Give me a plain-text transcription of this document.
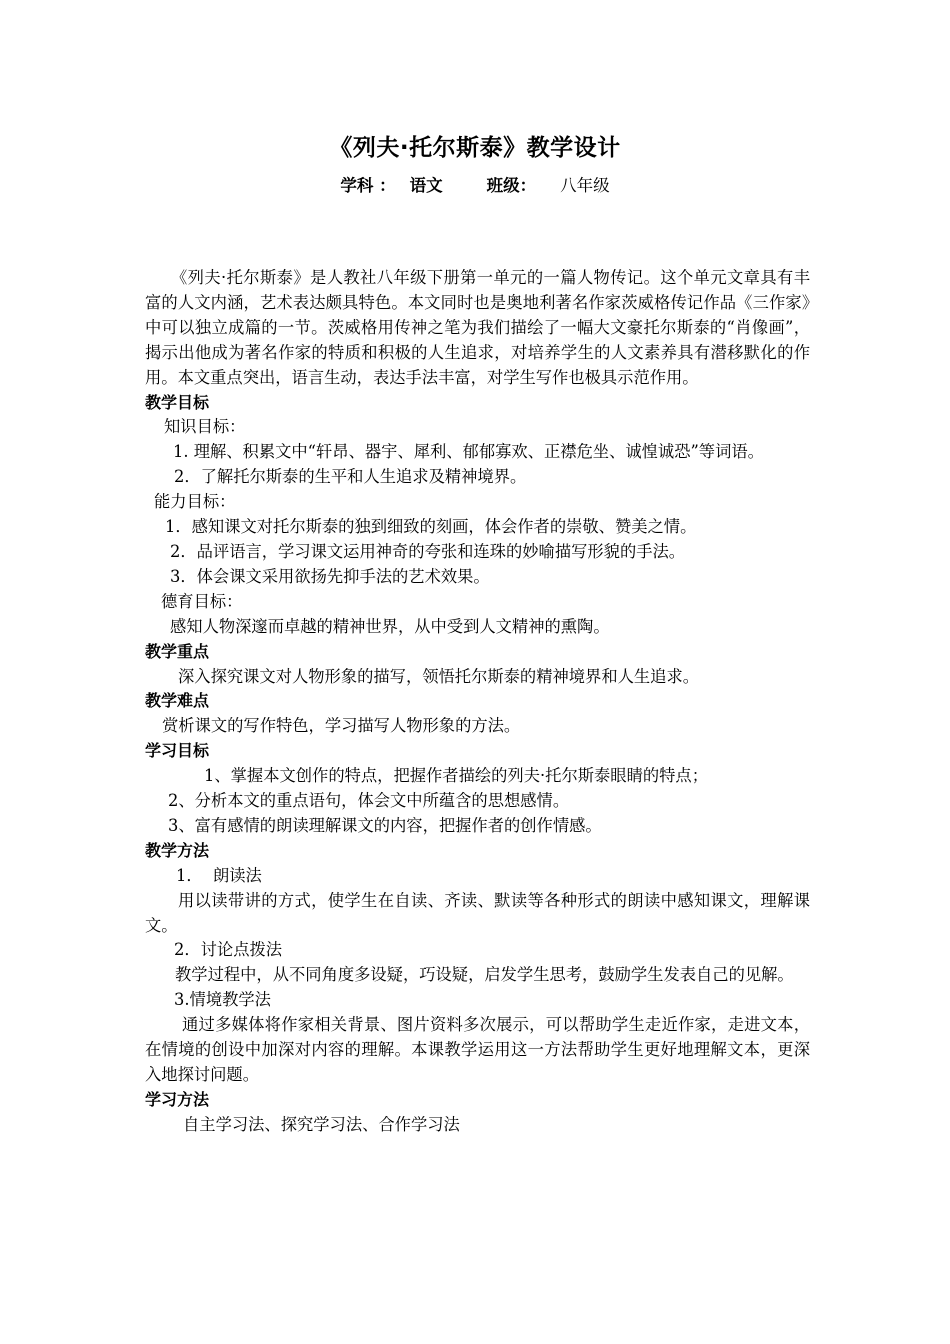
《列夫·托尔斯泰》教学设计
学科 ： 语文	班级： 八年级

《列夫·托尔斯泰》是人教社八年级下册第一单元的一篇人物传记。这个单元文章具有丰富的人文内涵，艺术表达颇具特色。本文同时也是奥地利著名作家茨威格传记作品《三作家》中可以独立成篇的一节。茨威格用传神之笔为我们描绘了一幅大文豪托尔斯泰的“肖像画”，揭示出他成为著名作家的特质和积极的人生追求，对培养学生的人文素养具有潜移默化的作用。本文重点突出，语言生动，表达手法丰富，对学生写作也极具示范作用。

教学目标

知识目标：

1. 理解、积累文中“轩昂、器宇、犀利、郁郁寡欢、正襟危坐、诚惶诚恐”等词语。

2．了解托尔斯泰的生平和人生追求及精神境界。

能力目标：

1．感知课文对托尔斯泰的独到细致的刻画，体会作者的崇敬、赞美之情。

2．品评语言，学习课文运用神奇的夸张和连珠的妙喻描写形貌的手法。

3．体会课文采用欲扬先抑手法的艺术效果。

德育目标：

感知人物深邃而卓越的精神世界，从中受到人文精神的熏陶。

教学重点

深入探究课文对人物形象的描写，领悟托尔斯泰的精神境界和人生追求。

教学难点

赏析课文的写作特色，学习描写人物形象的方法。

学习目标

1、掌握本文创作的特点，把握作者描绘的列夫·托尔斯泰眼睛的特点；

2、分析本文的重点语句，体会文中所蕴含的思想感情。

3、富有感情的朗读理解课文的内容，把握作者的创作情感。

教学方法

1．  朗读法

用以读带讲的方式，使学生在自读、齐读、默读等各种形式的朗读中感知课文，理解课文。

2．讨论点拨法

教学过程中，从不同角度多设疑，巧设疑，启发学生思考，鼓励学生发表自己的见解。

3.情境教学法

通过多媒体将作家相关背景、图片资料多次展示，可以帮助学生走近作家，走进文本，在情境的创设中加深对内容的理解。本课教学运用这一方法帮助学生更好地理解文本，更深入地探讨问题。

学习方法

自主学习法、探究学习法、合作学习法
